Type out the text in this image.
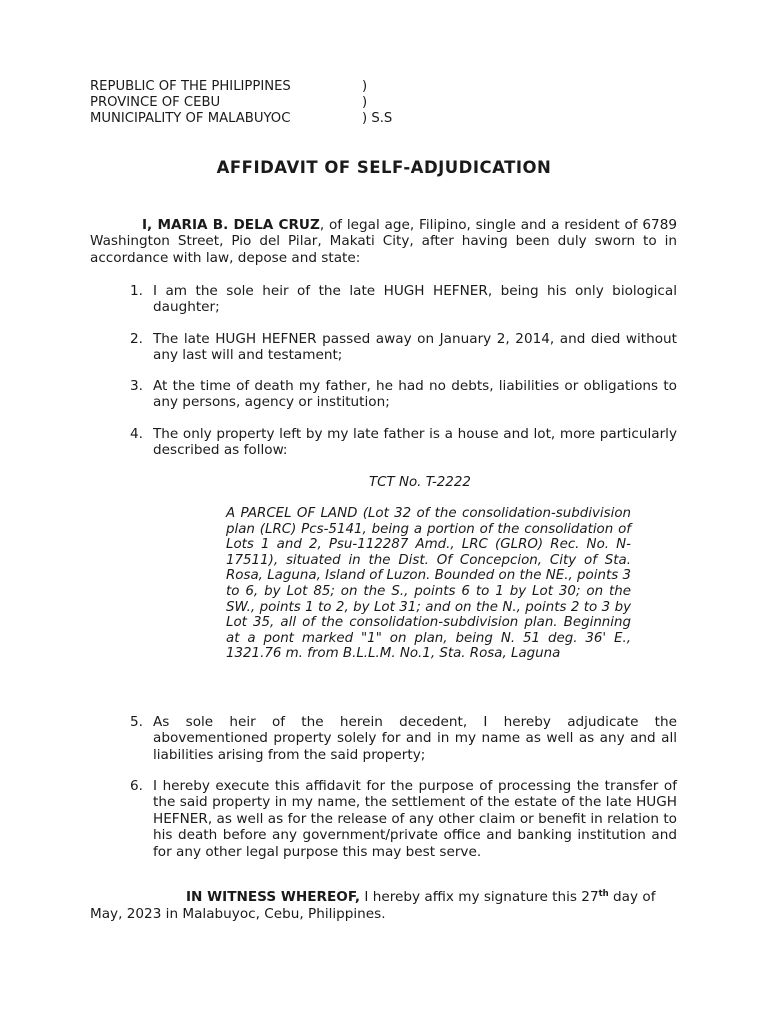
REPUBLIC OF THE PHILIPPINES	)
PROVINCE OF CEBU	)
MUNICIPALITY OF MALABUYOC	) S.S
AFFIDAVIT OF SELF-ADJUDICATION
I, MARIA B. DELA CRUZ, of legal age, Filipino, single and a resident of 6789 Washington Street, Pio del Pilar, Makati City, after having been duly sworn to in accordance with law, depose and state:
1. I am the sole heir of the late HUGH HEFNER, being his only biological daughter;
2. The late HUGH HEFNER passed away on January 2, 2014, and died without any last will and testament;
3. At the time of death my father, he had no debts, liabilities or obligations to any persons, agency or institution;
4. The only property left by my late father is a house and lot, more particularly described as follow:
TCT No. T-2222
A PARCEL OF LAND (Lot 32 of the consolidation-subdivision plan (LRC) Pcs-5141, being a portion of the consolidation of Lots 1 and 2, Psu-112287 Amd., LRC (GLRO) Rec. No. N-17511), situated in the Dist. Of Concepcion, City of Sta. Rosa, Laguna, Island of Luzon. Bounded on the NE., points 3 to 6, by Lot 85; on the S., points 6 to 1 by Lot 30; on the SW., points 1 to 2, by Lot 31; and on the N., points 2 to 3 by Lot 35, all of the consolidation-subdivision plan. Beginning at a pont marked "1" on plan, being N. 51 deg. 36' E., 1321.76 m. from B.L.L.M. No.1, Sta. Rosa, Laguna
5. As sole heir of the herein decedent, I hereby adjudicate the abovementioned property solely for and in my name as well as any and all liabilities arising from the said property;
6. I hereby execute this affidavit for the purpose of processing the transfer of the said property in my name, the settlement of the estate of the late HUGH HEFNER, as well as for the release of any other claim or benefit in relation to his death before any government/private office and banking institution and for any other legal purpose this may best serve.
IN WITNESS WHEREOF, I hereby affix my signature this 27th day of May, 2023 in Malabuyoc, Cebu, Philippines.
